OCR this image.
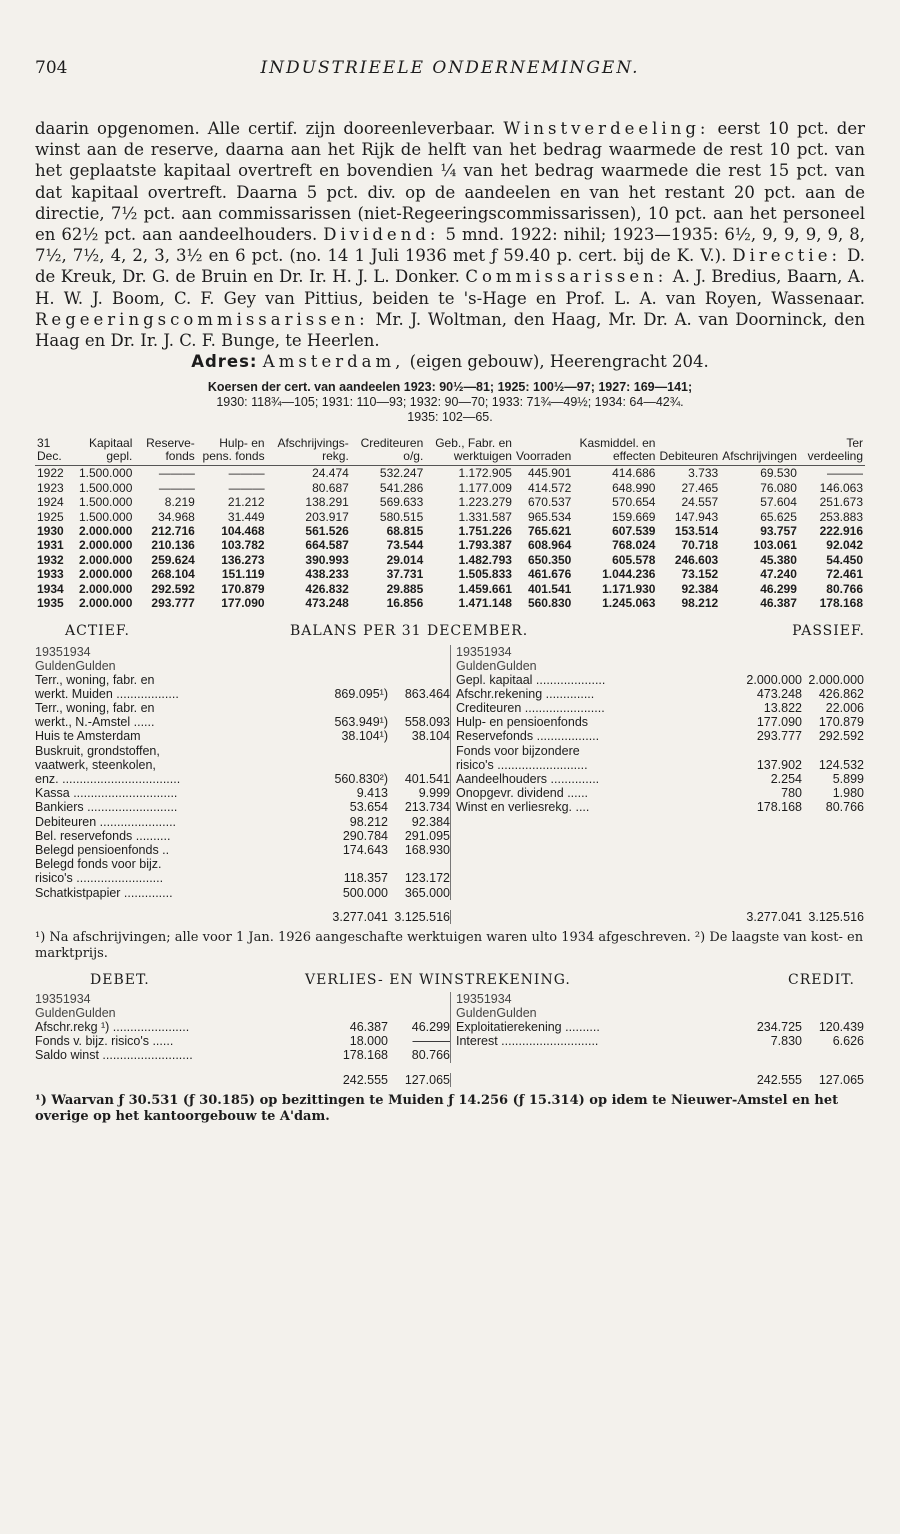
704	INDUSTRIEELE ONDERNEMINGEN.
daarin opgenomen. Alle certif. zijn dooreenleverbaar. Winstverdeeling: eerst 10 pct. der winst aan de reserve, daarna aan het Rijk de helft van het bedrag waarmede de rest 10 pct. van het geplaatste kapitaal overtreft en bovendien ¼ van het bedrag waarmede die rest 15 pct. van dat kapitaal overtreft. Daarna 5 pct. div. op de aandeelen en van het restant 20 pct. aan de directie, 7½ pct. aan commissarissen (niet-Regeeringscommissarissen), 10 pct. aan het personeel en 62½ pct. aan aandeelhouders. Dividend: 5 mnd. 1922: nihil; 1923—1935: 6½, 9, 9, 9, 9, 8, 7½, 7½, 4, 2, 3, 3½ en 6 pct. (no. 14 1 Juli 1936 met ƒ 59.40 p. cert. bij de K. V.). Directie: D. de Kreuk, Dr. G. de Bruin en Dr. Ir. H. J. L. Donker. Commissarissen: A. J. Bredius, Baarn, A. H. W. J. Boom, C. F. Gey van Pittius, beiden te 's-Hage en Prof. L. A. van Royen, Wassenaar. Regeeringscommissarissen: Mr. J. Woltman, den Haag, Mr. Dr. A. van Doorninck, den Haag en Dr. Ir. J. C. F. Bunge, te Heerlen.
Adres: Amsterdam, (eigen gebouw), Heerengracht 204.
Koersen der cert. van aandeelen 1923: 90½—81; 1925: 100½—97; 1927: 169—141;
1930: 118¾—105; 1931: 110—93; 1932: 90—70; 1933: 71¾—49½; 1934: 64—42¾.
1935: 102—65.
31 Dec.	Kapitaal gepl.	Reserve-fonds	Hulp- en pens. fonds	Afschrijvings-rekg.	Crediteuren o/g.	Geb., Fabr. en werktuigen	Voorraden	Kasmiddel. en effecten	Debiteuren	Afschrijvingen	Ter verdeeling
1922	1.500.000	———	———	24.474	532.247	1.172.905	445.901	414.686	3.733	69.530	———
1923	1.500.000	———	———	80.687	541.286	1.177.009	414.572	648.990	27.465	76.080	146.063
1924	1.500.000	8.219	21.212	138.291	569.633	1.223.279	670.537	570.654	24.557	57.604	251.673
1925	1.500.000	34.968	31.449	203.917	580.515	1.331.587	965.534	159.669	147.943	65.625	253.883
1930	2.000.000	212.716	104.468	561.526	68.815	1.751.226	765.621	607.539	153.514	93.757	222.916
1931	2.000.000	210.136	103.782	664.587	73.544	1.793.387	608.964	768.024	70.718	103.061	92.042
1932	2.000.000	259.624	136.273	390.993	29.014	1.482.793	650.350	605.578	246.603	45.380	54.450
1933	2.000.000	268.104	151.119	438.233	37.731	1.505.833	461.676	1.044.236	73.152	47.240	72.461
1934	2.000.000	292.592	170.879	426.832	29.885	1.459.661	401.541	1.171.930	92.384	46.299	80.766
1935	2.000.000	293.777	177.090	473.248	16.856	1.471.148	560.830	1.245.063	98.212	46.387	178.168
ACTIEF.	BALANS PER 31 DECEMBER.	PASSIEF.
1935 1934
Gulden Gulden
Terr., woning, fabr. en
werkt. Muiden ..................	869.095¹)	863.464
Terr., woning, fabr. en
werkt., N.-Amstel ......	563.949¹)	558.093
Huis te Amsterdam	38.104¹)	38.104
Buskruit, grondstoffen,
vaatwerk, steenkolen,
enz. ..................................	560.830²)	401.541
Kassa ..............................	9.413	9.999
Bankiers ..........................	53.654	213.734
Debiteuren ......................	98.212	92.384
Bel. reservefonds ..........	290.784	291.095
Belegd pensioenfonds ..	174.643	168.930
Belegd fonds voor bijz.
risico's .........................	118.357	123.172
Schatkistpapier ..............	500.000	365.000
1935 1934
Gulden Gulden
Gepl. kapitaal ....................	2.000.000 2.000.000
Afschr.rekening ..............	473.248	426.862
Crediteuren .......................	13.822	22.006
Hulp- en pensioenfonds	177.090	170.879
Reservefonds ..................	293.777	292.592
Fonds voor bijzondere
risico's ..........................	137.902	124.532
Aandeelhouders ..............	2.254	5.899
Onopgevr. dividend ......	780	1.980
Winst en verliesrekg. ....	178.168	80.766
3.277.041 3.125.516	3.277.041 3.125.516
¹) Na afschrijvingen; alle voor 1 Jan. 1926 aangeschafte werktuigen waren ulto 1934 afgeschreven. ²) De laagste van kost- en marktprijs.
DEBET.	VERLIES- EN WINSTREKENING.	CREDIT.
1935 1934
Gulden Gulden
Afschr.rekg ¹) ......................	46.387	46.299
Fonds v. bijz. risico's ......	18.000	———
Saldo winst ..........................	178.168	80.766
1935 1934
Gulden Gulden
Exploitatierekening ..........	234.725	120.439
Interest ............................	7.830	6.626
242.555	127.065	242.555	127.065
¹) Waarvan ƒ 30.531 (ƒ 30.185) op bezittingen te Muiden ƒ 14.256 (ƒ 15.314) op idem te Nieuwer-Amstel en het overige op het kantoorgebouw te A'dam.
